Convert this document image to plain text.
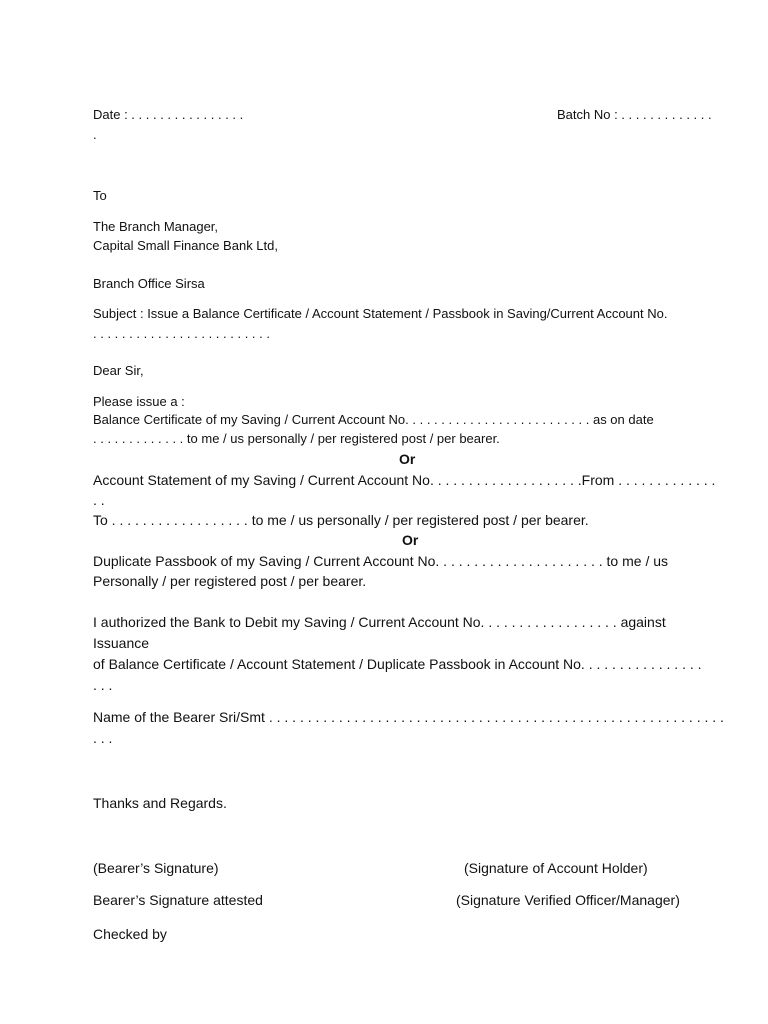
Date : . . . . . . . . . . . . . . . .	Batch No : . . . . . . . . . . . . .
.
To
The Branch Manager,
Capital Small Finance Bank Ltd,
Branch Office Sirsa
Subject : Issue a Balance Certificate / Account Statement / Passbook in Saving/Current Account No.
. . . . . . . . . . . . . . . . . . . . . . . . .
Dear Sir,
Please issue a :
Balance Certificate of my Saving / Current Account No. . . . . . . . . . . . . . . . . . . . . . . . . . as on date
. . . . . . . . . . . . . to me / us personally / per registered post / per bearer.
Or
Account Statement of my Saving / Current Account No. . . . . . . . . . . . . . . . . . . .From . . . . . . . . . . . . .
. .
To . . . . . . . . . . . . . . . . . . to me / us personally / per registered post / per bearer.
Or
Duplicate Passbook of my Saving / Current Account No. . . . . . . . . . . . . . . . . . . . . . to me / us
Personally / per registered post / per bearer.
I authorized the Bank to Debit my Saving / Current Account No. . . . . . . . . . . . . . . . . . against
Issuance
of Balance Certificate / Account Statement / Duplicate Passbook in Account No. . . . . . . . . . . . . . . .
. . .
Name of the Bearer Sri/Smt . . . . . . . . . . . . . . . . . . . . . . . . . . . . . . . . . . . . . . . . . . . . . . . . . . . . . . . . . . .
. . .
Thanks and Regards.
(Bearer’s Signature)	(Signature of Account Holder)
Bearer’s Signature attested	(Signature Verified Officer/Manager)
Checked by
